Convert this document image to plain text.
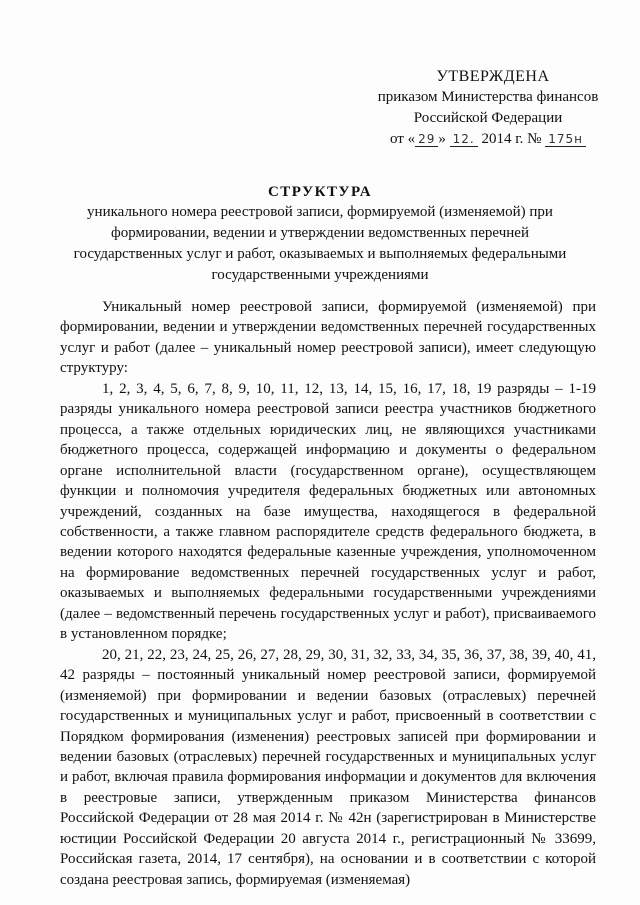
УТВЕРЖДЕНА
приказом Министерства финансов
Российской Федерации
от « 29 » 12. 2014 г. № 175н
СТРУКТУРА
уникального номера реестровой записи, формируемой (изменяемой) при формировании, ведении и утверждении ведомственных перечней государственных услуг и работ, оказываемых и выполняемых федеральными государственными учреждениями

Уникальный номер реестровой записи, формируемой (изменяемой) при формировании, ведении и утверждении ведомственных перечней государственных услуг и работ (далее – уникальный номер реестровой записи), имеет следующую структуру:

1, 2, 3, 4, 5, 6, 7, 8, 9, 10, 11, 12, 13, 14, 15, 16, 17, 18, 19 разряды – 1-19 разряды уникального номера реестровой записи реестра участников бюджетного процесса, а также отдельных юридических лиц, не являющихся участниками бюджетного процесса, содержащей информацию и документы о федеральном органе исполнительной власти (государственном органе), осуществляющем функции и полномочия учредителя федеральных бюджетных или автономных учреждений, созданных на базе имущества, находящегося в федеральной собственности, а также главном распорядителе средств федерального бюджета, в ведении которого находятся федеральные казенные учреждения, уполномоченном на формирование ведомственных перечней государственных услуг и работ, оказываемых и выполняемых федеральными государственными учреждениями (далее – ведомственный перечень государственных услуг и работ), присваиваемого в установленном порядке;

20, 21, 22, 23, 24, 25, 26, 27, 28, 29, 30, 31, 32, 33, 34, 35, 36, 37, 38, 39, 40, 41, 42 разряды – постоянный уникальный номер реестровой записи, формируемой (изменяемой) при формировании и ведении базовых (отраслевых) перечней государственных и муниципальных услуг и работ, присвоенный в соответствии с Порядком формирования (изменения) реестровых записей при формировании и ведении базовых (отраслевых) перечней государственных и муниципальных услуг и работ, включая правила формирования информации и документов для включения в реестровые записи, утвержденным приказом Министерства финансов Российской Федерации от 28 мая 2014 г. № 42н (зарегистрирован в Министерстве юстиции Российской Федерации 20 августа 2014 г., регистрационный № 33699, Российская газета, 2014, 17 сентября), на основании и в соответствии с которой создана реестровая запись, формируемая (изменяемая)
